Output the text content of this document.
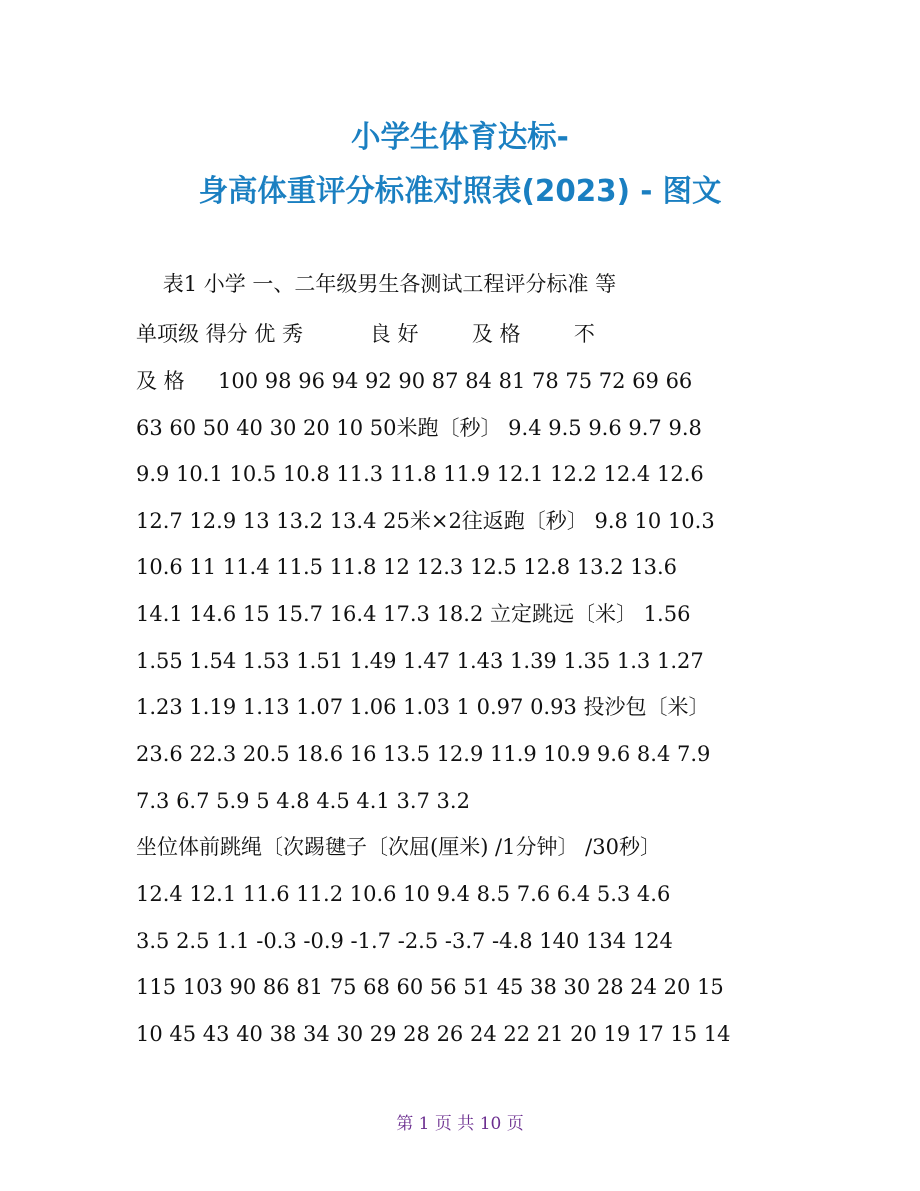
小学生体育达标-
身高体重评分标准对照表(2023) - 图文
表1 小学 一、二年级男生各测试工程评分标准 等
单项级 得分 优 秀          良 好        及 格        不
及 格     100 98 96 94 92 90 87 84 81 78 75 72 69 66
63 60 50 40 30 20 10 50米跑〔秒〕 9.4 9.5 9.6 9.7 9.8
9.9 10.1 10.5 10.8 11.3 11.8 11.9 12.1 12.2 12.4 12.6
12.7 12.9 13 13.2 13.4 25米×2往返跑〔秒〕 9.8 10 10.3
10.6 11 11.4 11.5 11.8 12 12.3 12.5 12.8 13.2 13.6
14.1 14.6 15 15.7 16.4 17.3 18.2 立定跳远〔米〕 1.56
1.55 1.54 1.53 1.51 1.49 1.47 1.43 1.39 1.35 1.3 1.27
1.23 1.19 1.13 1.07 1.06 1.03 1 0.97 0.93 投沙包〔米〕
23.6 22.3 20.5 18.6 16 13.5 12.9 11.9 10.9 9.6 8.4 7.9
7.3 6.7 5.9 5 4.8 4.5 4.1 3.7 3.2
坐位体前跳绳〔次踢毽子〔次屈(厘米) /1分钟〕 /30秒〕
12.4 12.1 11.6 11.2 10.6 10 9.4 8.5 7.6 6.4 5.3 4.6
3.5 2.5 1.1 -0.3 -0.9 -1.7 -2.5 -3.7 -4.8 140 134 124
115 103 90 86 81 75 68 60 56 51 45 38 30 28 24 20 15
10 45 43 40 38 34 30 29 28 26 24 22 21 20 19 17 15 14
第 1 页 共 10 页
